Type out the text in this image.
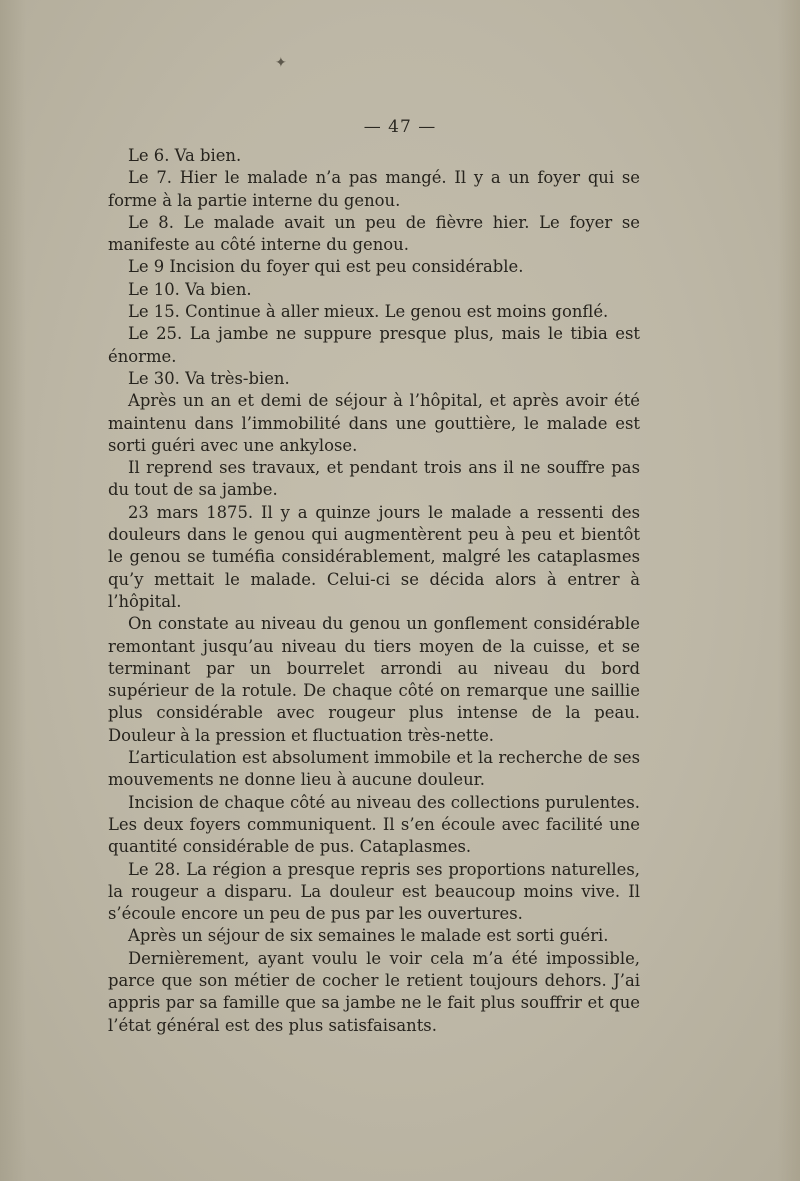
✦
— 47 —

Le 6. Va bien.

Le 7. Hier le malade n’a pas mangé. Il y a un foyer qui se forme à la partie interne du genou.

Le 8. Le malade avait un peu de fièvre hier. Le foyer se manifeste au côté interne du genou.

Le 9 Incision du foyer qui est peu considérable.

Le 10. Va bien.

Le 15. Continue à aller mieux. Le genou est moins gonflé.

Le 25. La jambe ne suppure presque plus, mais le tibia est énorme.

Le 30. Va très-bien.

Après un an et demi de séjour à l’hôpital, et après avoir été maintenu dans l’immobilité dans une gouttière, le malade est sorti guéri avec une ankylose.

Il reprend ses travaux, et pendant trois ans il ne souffre pas du tout de sa jambe.

23 mars 1875. Il y a quinze jours le malade a ressenti des douleurs dans le genou qui augmentèrent peu à peu et bientôt le genou se tuméfia considérablement, malgré les cataplasmes qu’y mettait le malade. Celui-ci se décida alors à entrer à l’hôpital.

On constate au niveau du genou un gonflement considérable remontant jusqu’au niveau du tiers moyen de la cuisse, et se terminant par un bourrelet arrondi au niveau du bord supérieur de la rotule. De chaque côté on remarque une saillie plus considérable avec rougeur plus intense de la peau. Douleur à la pression et fluctuation très-nette.

L’articulation est absolument immobile et la recherche de ses mouvements ne donne lieu à aucune douleur.

Incision de chaque côté au niveau des collections purulentes. Les deux foyers communiquent. Il s’en écoule avec facilité une quantité considérable de pus. Cataplasmes.

Le 28. La région a presque repris ses proportions naturelles, la rougeur a disparu. La douleur est beaucoup moins vive. Il s’écoule encore un peu de pus par les ouvertures.

Après un séjour de six semaines le malade est sorti guéri.

Dernièrement, ayant voulu le voir cela m’a été impossible, parce que son métier de cocher le retient toujours dehors. J’ai appris par sa famille que sa jambe ne le fait plus souffrir et que l’état général est des plus satisfaisants.
